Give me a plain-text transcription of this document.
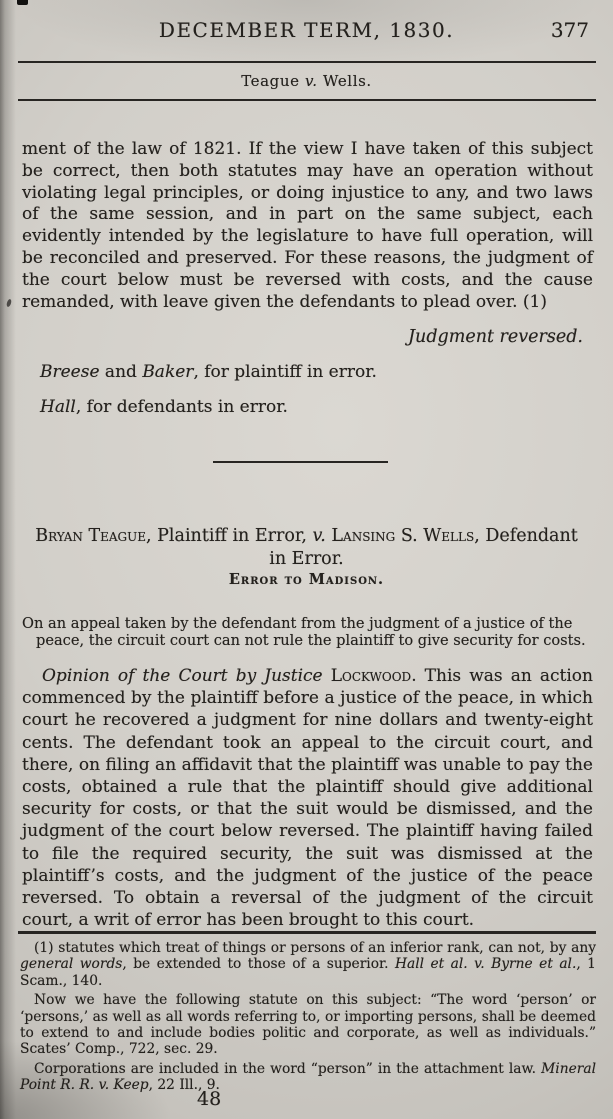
DECEMBER TERM, 1830.	377
Teague v. Wells.

ment of the law of 1821. If the view I have taken of this subject be correct, then both statutes may have an operation without violating legal principles, or doing injustice to any, and two laws of the same session, and in part on the same subject, each evidently intended by the legislature to have full operation, will be reconciled and preserved. For these reasons, the judgment of the court below must be reversed with costs, and the cause remanded, with leave given the defendants to plead over. (1)

Judgment reversed.
Breese and Baker, for plaintiff in error.
Hall, for defendants in error.

Bryan Teague, Plaintiff in Error, v. Lansing S. Wells, Defendant in Error.

Error to Madison.

On an appeal taken by the defendant from the judgment of a justice of the peace, the circuit court can not rule the plaintiff to give security for costs.

Opinion of the Court by Justice Lockwood. This was an action commenced by the plaintiff before a justice of the peace, in which court he recovered a judgment for nine dollars and twenty-eight cents. The defendant took an appeal to the circuit court, and there, on filing an affidavit that the plaintiff was unable to pay the costs, obtained a rule that the plaintiff should give additional security for costs, or that the suit would be dismissed, and the judgment of the court below reversed. The plaintiff having failed to file the required security, the suit was dismissed at the plaintiff’s costs, and the judgment of the justice of the peace reversed. To obtain a reversal of the judgment of the circuit court, a writ of error has been brought to this court.

(1) statutes which treat of things or persons of an inferior rank, can not, by any general words, be extended to those of a superior. Hall et al. v. Byrne et al., 1 Scam., 140.

Now we have the following statute on this subject: “The word ‘person’ or ‘persons,’ as well as all words referring to, or importing persons, shall be deemed to extend to and include bodies politic and corporate, as well as individuals.” Scates’ Comp., 722, sec. 29.

Corporations are included in the word “person” in the attachment law. Mineral Point R. R. v. Keep, 22 Ill., 9.

48
